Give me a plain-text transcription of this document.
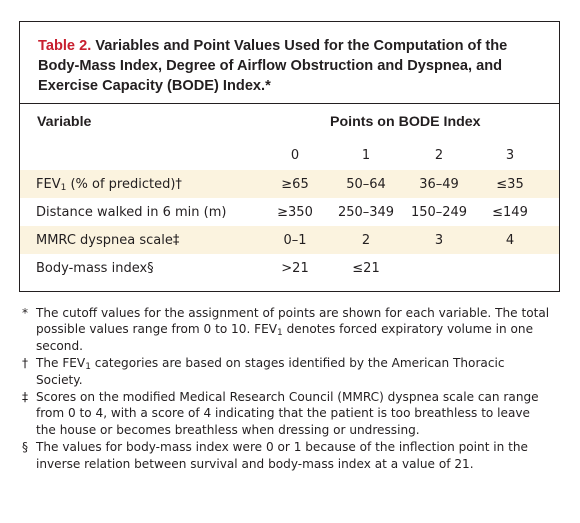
Table 2. Variables and Point Values Used for the Computation of the Body-Mass Index, Degree of Airflow Obstruction and Dyspnea, and Exercise Capacity (BODE) Index.*
Variable	Points on BODE Index
0	1	2	3
$FEV_1$ (% of predicted)†	≥65	50–64	36–49	≤35
Distance walked in 6 min (m)	≥350 250–349 150–249 ≤149
MMRC dyspnea scale‡	0–1	2	3	4
Body-mass index§	>21	≤21
* The cutoff values for the assignment of points are shown for each variable. The total possible values range from 0 to 10. $FEV_1$ denotes forced expiratory volume in one second.
† The $FEV_1$ categories are based on stages identified by the American Thoracic Society.
‡ Scores on the modified Medical Research Council (MMRC) dyspnea scale can range from 0 to 4, with a score of 4 indicating that the patient is too breathless to leave the house or becomes breathless when dressing or undressing.
§ The values for body-mass index were 0 or 1 because of the inflection point in the inverse relation between survival and body-mass index at a value of 21.
